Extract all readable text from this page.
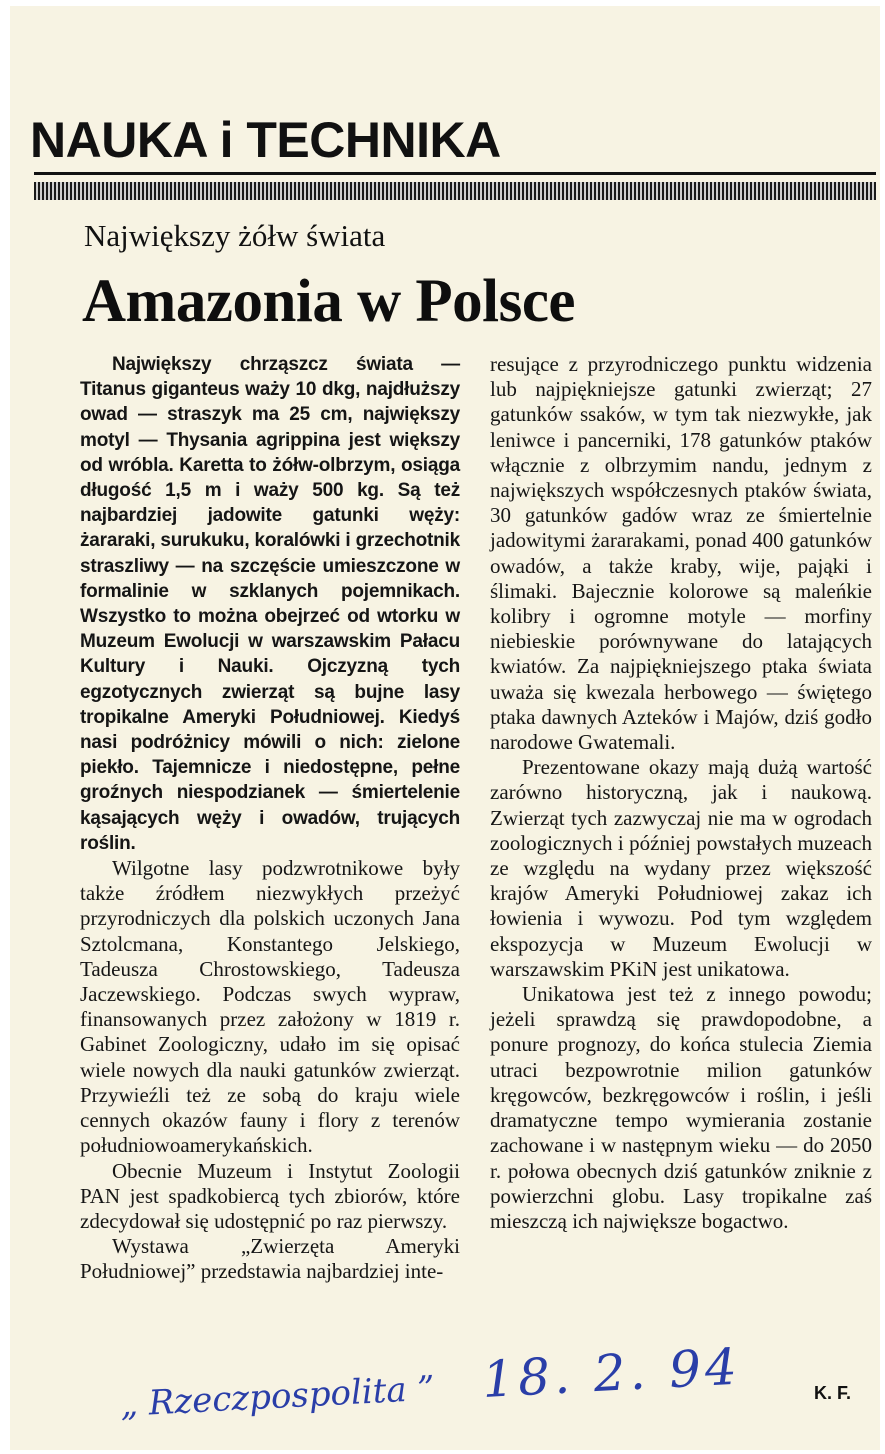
NAUKA i TECHNIKA
Największy żółw świata
Amazonia w Polsce

Największy chrząszcz świata — Titanus giganteus waży 10 dkg, najdłuższy owad — straszyk ma 25 cm, największy motyl — Thysania agrippina jest większy od wróbla. Karetta to żółw-olbrzym, osiąga długość 1,5 m i waży 500 kg. Są też najbardziej jadowite gatunki węży: żararaki, surukuku, koralówki i grzechotnik straszliwy — na szczęście umieszczone w formalinie w szklanych pojemnikach. Wszystko to można obejrzeć od wtorku w Muzeum Ewolucji w warszawskim Pałacu Kultury i Nauki. Ojczyzną tych egzotycznych zwierząt są bujne lasy tropikalne Ameryki Południowej. Kiedyś nasi podróżnicy mówili o nich: zielone piekło. Tajemnicze i niedostępne, pełne groźnych niespodzianek — śmiertelenie kąsających węży i owadów, trujących roślin.

Wilgotne lasy podzwrotnikowe były także źródłem niezwykłych przeżyć przyrodniczych dla polskich uczonych Jana Sztolcmana, Konstantego Jelskiego, Tadeusza Chrostowskiego, Tadeusza Jaczewskiego. Podczas swych wypraw, finansowanych przez założony w 1819 r. Gabinet Zoologiczny, udało im się opisać wiele nowych dla nauki gatunków zwierząt. Przywieźli też ze sobą do kraju wiele cennych okazów fauny i flory z terenów południowoamerykańskich.

Obecnie Muzeum i Instytut Zoologii PAN jest spadkobiercą tych zbiorów, które zdecydował się udostępnić po raz pierwszy.

Wystawa „Zwierzęta Ameryki Południowej” przedstawia najbardziej inte-

resujące z przyrodniczego punktu widzenia lub najpiękniejsze gatunki zwierząt; 27 gatunków ssaków, w tym tak niezwykłe, jak leniwce i pancerniki, 178 gatunków ptaków włącznie z olbrzymim nandu, jednym z największych współczesnych ptaków świata, 30 gatunków gadów wraz ze śmiertelnie jadowitymi żararakami, ponad 400 gatunków owadów, a także kraby, wije, pająki i ślimaki. Bajecznie kolorowe są maleńkie kolibry i ogromne motyle — morfiny niebieskie porównywane do latających kwiatów. Za najpiękniejszego ptaka świata uważa się kwezala herbowego — świętego ptaka dawnych Azteków i Majów, dziś godło narodowe Gwatemali.

Prezentowane okazy mają dużą wartość zarówno historyczną, jak i naukową. Zwierząt tych zazwyczaj nie ma w ogrodach zoologicznych i później powstałych muzeach ze względu na wydany przez większość krajów Ameryki Południowej zakaz ich łowienia i wywozu. Pod tym względem ekspozycja w Muzeum Ewolucji w warszawskim PKiN jest unikatowa.

Unikatowa jest też z innego powodu; jeżeli sprawdzą się prawdopodobne, a ponure prognozy, do końca stulecia Ziemia utraci bezpowrotnie milion gatunków kręgowców, bezkręgowców i roślin, i jeśli dramatyczne tempo wymierania zostanie zachowane i w następnym wieku — do 2050 r. połowa obecnych dziś gatunków zniknie z powierzchni globu. Lasy tropikalne zaś mieszczą ich największe bogactwo.

K. F.
„ Rzeczpospolita ” 18. 2. 94
